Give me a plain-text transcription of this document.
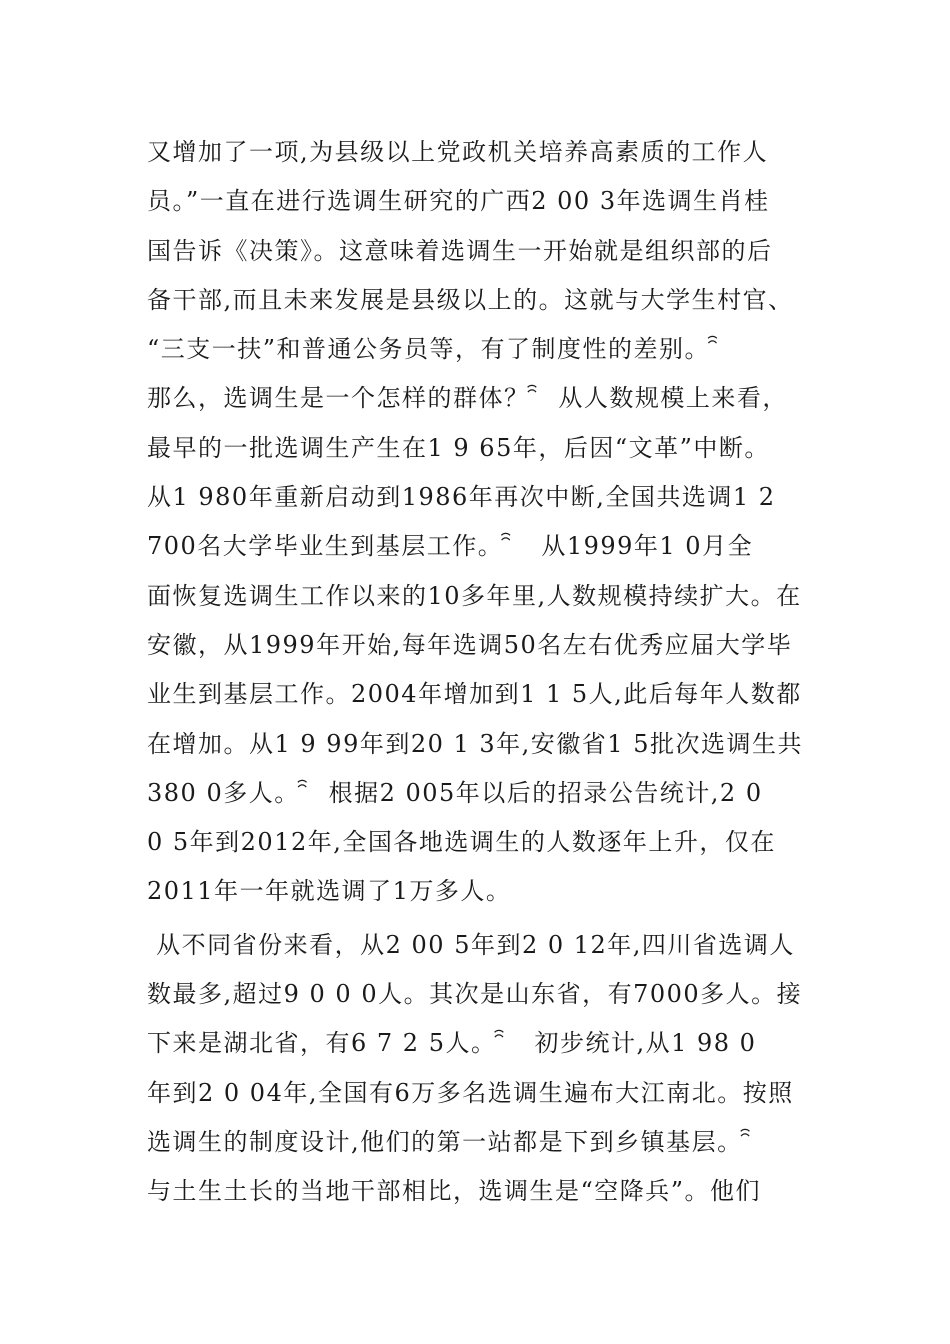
又增加了一项,为县级以上党政机关培养高素质的工作人
员。”一直在进行选调生研究的广西2 00 3年选调生肖桂
国告诉《决策》。这意味着选调生一开始就是组织部的后
备干部,而且未来发展是县级以上的。这就与大学生村官、
“三支一扶”和普通公务员等，有了制度性的差别。 ꩰ
那么，选调生是一个怎样的群体？ ꩰ  从人数规模上来看，
最早的一批选调生产生在1 9 65年，后因“文革”中断。
从1 980年重新启动到1986年再次中断,全国共选调1 2
700名大学毕业生到基层工作。 ꩰ   从1999年1 0月全
面恢复选调生工作以来的10多年里,人数规模持续扩大。在
安徽，从1999年开始,每年选调50名左右优秀应届大学毕
业生到基层工作。2004年增加到1 1 5人,此后每年人数都
在增加。从1 9 99年到20 1 3年,安徽省1 5批次选调生共
380 0多人。 ꩰ  根据2 005年以后的招录公告统计,2 0
0 5年到2012年,全国各地选调生的人数逐年上升，仅在
2011年一年就选调了1万多人。
从不同省份来看，从2 00 5年到2 0 12年,四川省选调人
数最多,超过9 0 0 0人。其次是山东省，有7000多人。接
下来是湖北省，有6 7 2 5人。 ꩰ   初步统计,从1 98 0
年到2 0 04年,全国有6万多名选调生遍布大江南北。按照
选调生的制度设计,他们的第一站都是下到乡镇基层。 ꩰ
与土生土长的当地干部相比，选调生是“空降兵”。他们
